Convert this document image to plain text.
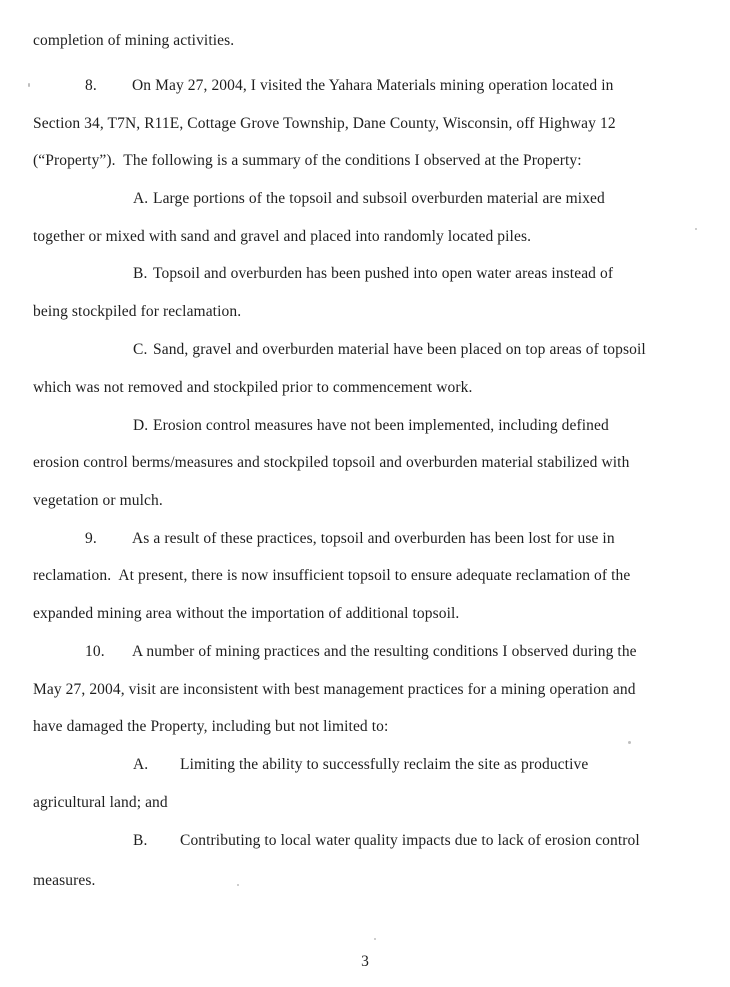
completion of mining activities.
8. On May 27, 2004, I visited the Yahara Materials mining operation located in
Section 34, T7N, R11E, Cottage Grove Township, Dane County, Wisconsin, off Highway 12
(“Property”).  The following is a summary of the conditions I observed at the Property:
A. Large portions of the topsoil and subsoil overburden material are mixed
together or mixed with sand and gravel and placed into randomly located piles.
B. Topsoil and overburden has been pushed into open water areas instead of
being stockpiled for reclamation.
C. Sand, gravel and overburden material have been placed on top areas of topsoil
which was not removed and stockpiled prior to commencement work.
D. Erosion control measures have not been implemented, including defined
erosion control berms/measures and stockpiled topsoil and overburden material stabilized with
vegetation or mulch.
9. As a result of these practices, topsoil and overburden has been lost for use in
reclamation.  At present, there is now insufficient topsoil to ensure adequate reclamation of the
expanded mining area without the importation of additional topsoil.
10. A number of mining practices and the resulting conditions I observed during the
May 27, 2004, visit are inconsistent with best management practices for a mining operation and
have damaged the Property, including but not limited to:
A. Limiting the ability to successfully reclaim the site as productive
agricultural land; and
B. Contributing to local water quality impacts due to lack of erosion control
measures.
3
